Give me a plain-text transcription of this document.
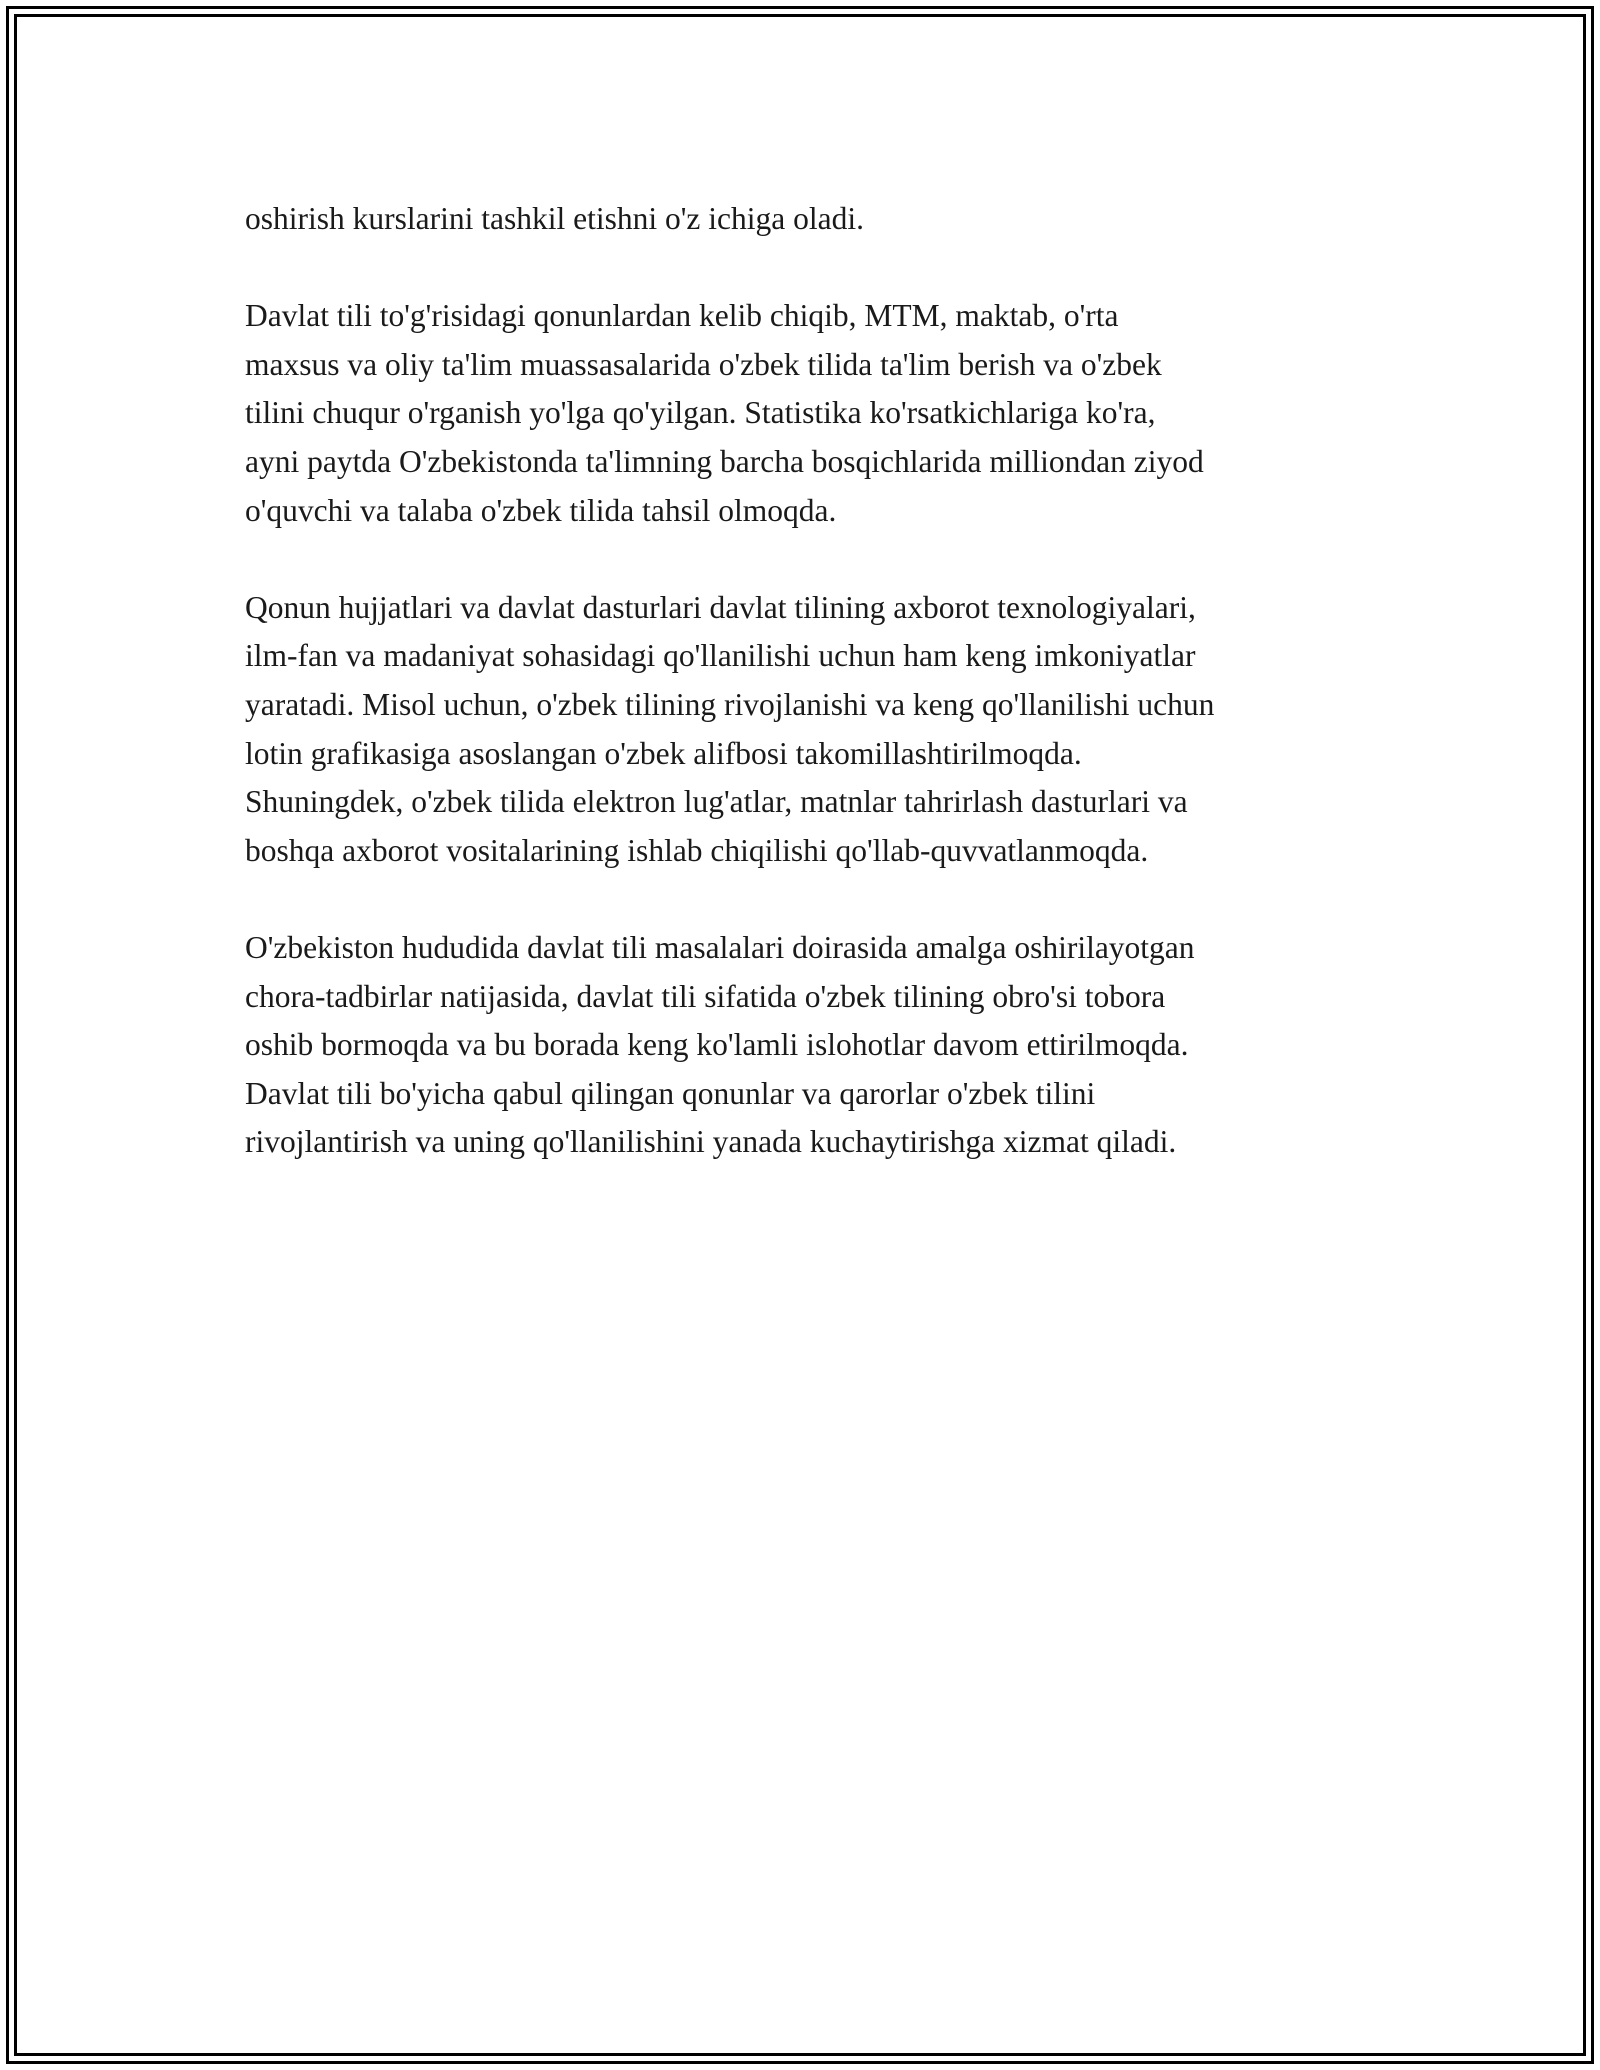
oshirish kurslarini tashkil etishni o'z ichiga oladi.

Davlat tili to'g'risidagi qonunlardan kelib chiqib, MTM, maktab, o'rta
maxsus va oliy ta'lim muassasalarida o'zbek tilida ta'lim berish va o'zbek
tilini chuqur o'rganish yo'lga qo'yilgan. Statistika ko'rsatkichlariga ko'ra,
ayni paytda O'zbekistonda ta'limning barcha bosqichlarida milliondan ziyod
o'quvchi va talaba o'zbek tilida tahsil olmoqda.

Qonun hujjatlari va davlat dasturlari davlat tilining axborot texnologiyalari,
ilm-fan va madaniyat sohasidagi qo'llanilishi uchun ham keng imkoniyatlar
yaratadi. Misol uchun, o'zbek tilining rivojlanishi va keng qo'llanilishi uchun
lotin grafikasiga asoslangan o'zbek alifbosi takomillashtirilmoqda.
Shuningdek, o'zbek tilida elektron lug'atlar, matnlar tahrirlash dasturlari va
boshqa axborot vositalarining ishlab chiqilishi qo'llab-quvvatlanmoqda.

O'zbekiston hududida davlat tili masalalari doirasida amalga oshirilayotgan
chora-tadbirlar natijasida, davlat tili sifatida o'zbek tilining obro'si tobora
oshib bormoqda va bu borada keng ko'lamli islohotlar davom ettirilmoqda.
Davlat tili bo'yicha qabul qilingan qonunlar va qarorlar o'zbek tilini
rivojlantirish va uning qo'llanilishini yanada kuchaytirishga xizmat qiladi.
